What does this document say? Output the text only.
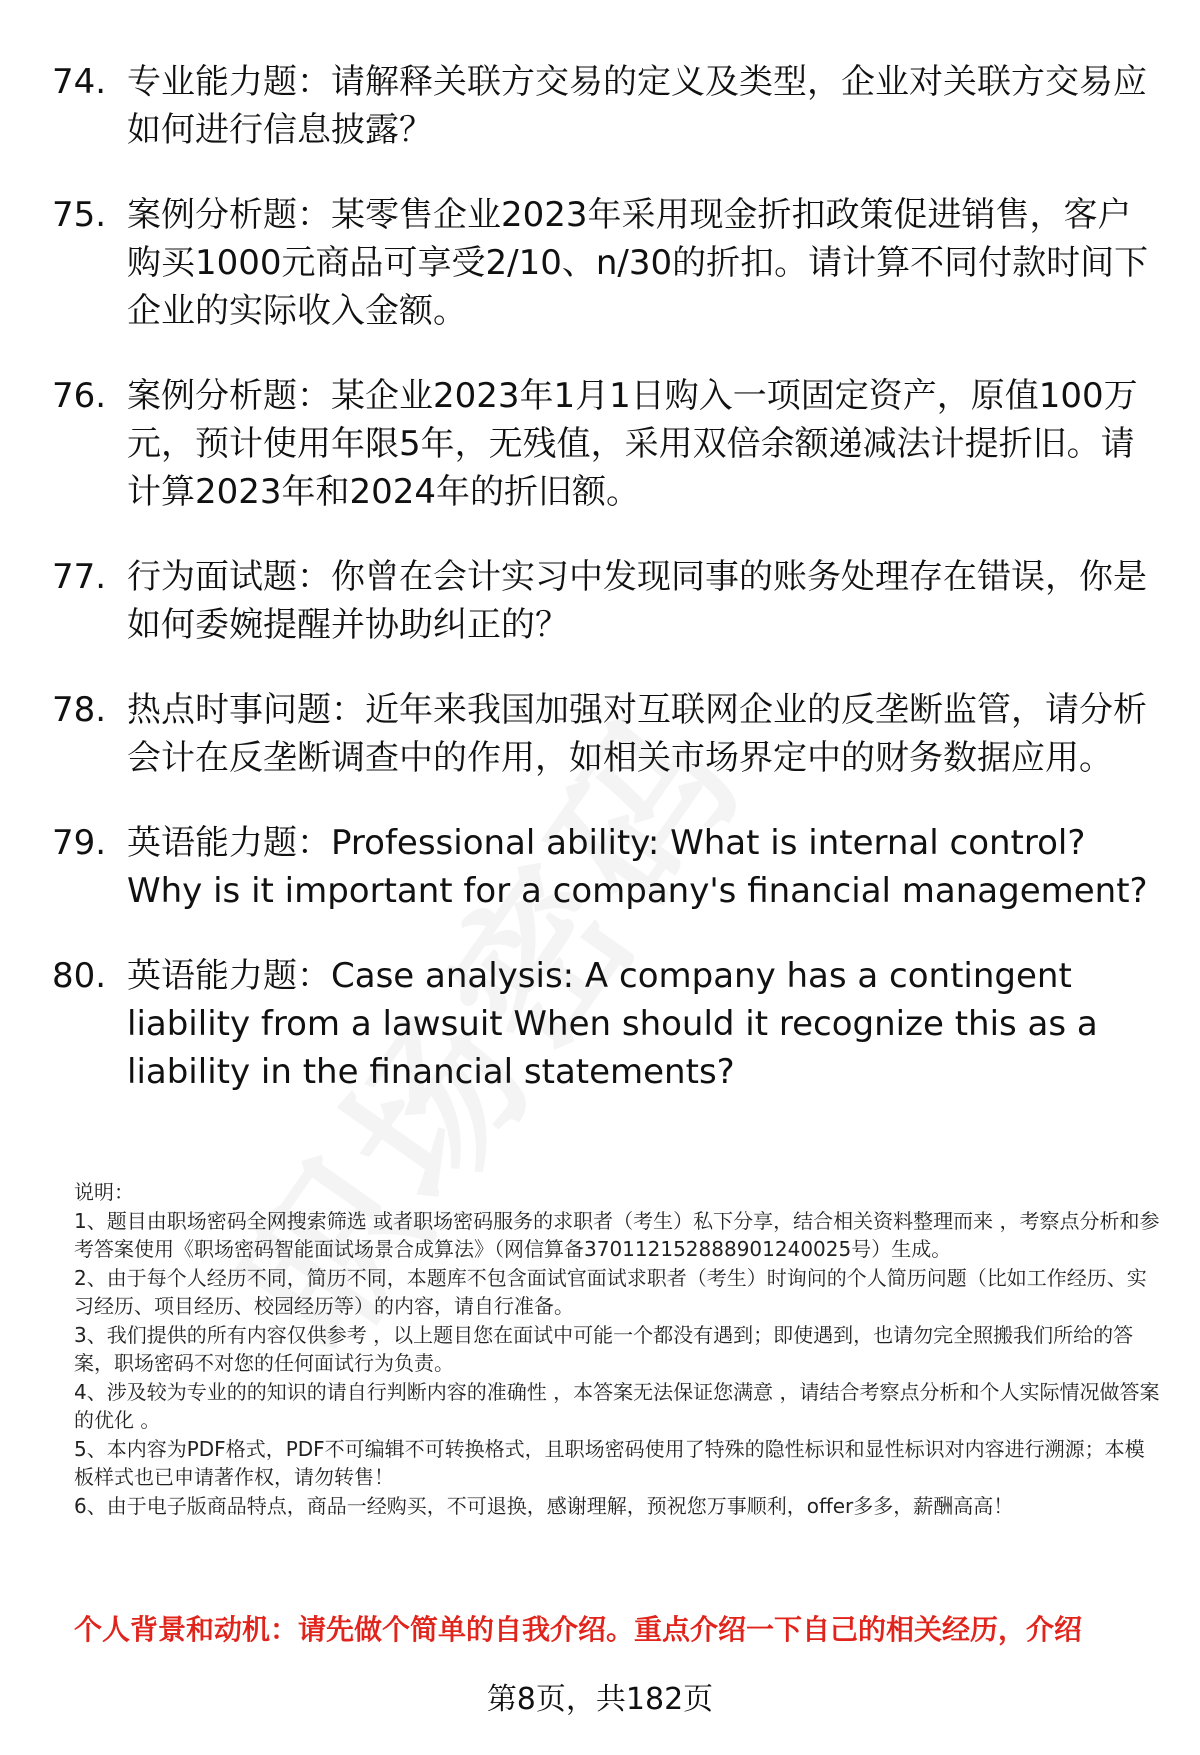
74. 专业能力题：请解释关联方交易的定义及类型，企业对关联方交易应如何进行信息披露？
75. 案例分析题：某零售企业2023年采用现金折扣政策促进销售，客户购买1000元商品可享受2/10、n/30的折扣。请计算不同付款时间下企业的实际收入金额。
76. 案例分析题：某企业2023年1月1日购入一项固定资产，原值100万元，预计使用年限5年，无残值，采用双倍余额递减法计提折旧。请计算2023年和2024年的折旧额。
77. 行为面试题：你曾在会计实习中发现同事的账务处理存在错误，你是如何委婉提醒并协助纠正的？
78. 热点时事问题：近年来我国加强对互联网企业的反垄断监管，请分析会计在反垄断调查中的作用，如相关市场界定中的财务数据应用。
79. 英语能力题：Professional ability: What is internal control? Why is it important for a company's financial management?
80. 英语能力题：Case analysis: A company has a contingent liability from a lawsuit When should it recognize this as a liability in the financial statements?

说明：

1、题目由职场密码全网搜索筛选 或者职场密码服务的求职者（考生）私下分享，结合相关资料整理而来 ，考察点分析和参考答案使用《职场密码智能面试场景合成算法》（网信算备370112152888901240025号）生成。

2、由于每个人经历不同，简历不同，本题库不包含面试官面试求职者（考生）时询问的个人简历问题（比如工作经历、实习经历、项目经历、校园经历等）的内容，请自行准备。

3、我们提供的所有内容仅供参考 ，以上题目您在面试中可能一个都没有遇到；即使遇到，也请勿完全照搬我们所给的答案，职场密码不对您的任何面试行为负责。

4、涉及较为专业的的知识的请自行判断内容的准确性 ，本答案无法保证您满意 ，请结合考察点分析和个人实际情况做答案的优化 。

5、本内容为PDF格式，PDF不可编辑不可转换格式，且职场密码使用了特殊的隐性标识和显性标识对内容进行溯源；本模板样式也已申请著作权，请勿转售！

6、由于电子版商品特点，商品一经购买，不可退换，感谢理解，预祝您万事顺利，offer多多，薪酬高高！

个人背景和动机：请先做个简单的自我介绍。重点介绍一下自己的相关经历，介绍
第8页，共182页
